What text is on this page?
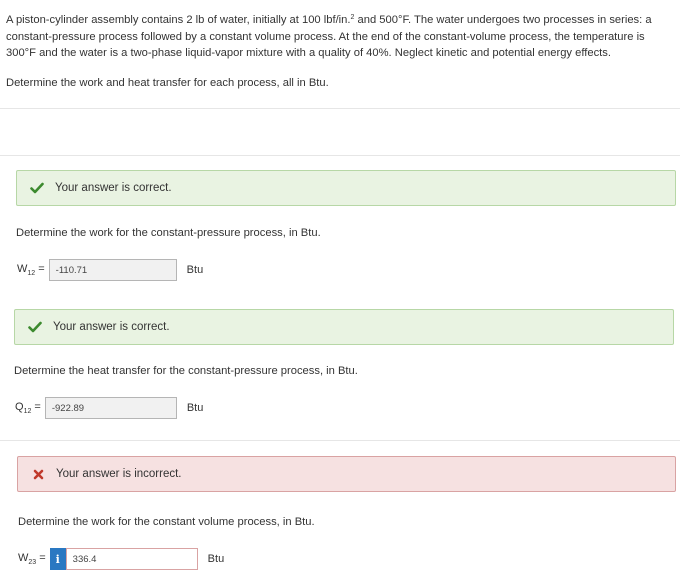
A piston-cylinder assembly contains 2 lb of water, initially at 100 lbf/in.$^2$ and 500°F. The water undergoes two processes in series: a constant-pressure process followed by a constant volume process. At the end of the constant-volume process, the temperature is 300°F and the water is a two-phase liquid-vapor mixture with a quality of 40%. Neglect kinetic and potential energy effects.

Determine the work and heat transfer for each process, all in Btu.

Your answer is correct.
Determine the work for the constant-pressure process, in Btu.
$W_{12}$ =	-110.71	Btu
Your answer is correct.
Determine the heat transfer for the constant-pressure process, in Btu.
$Q_{12}$ =	-922.89	Btu
Your answer is incorrect.
Determine the work for the constant volume process, in Btu.
$W_{23} = i$	336.4	Btu
